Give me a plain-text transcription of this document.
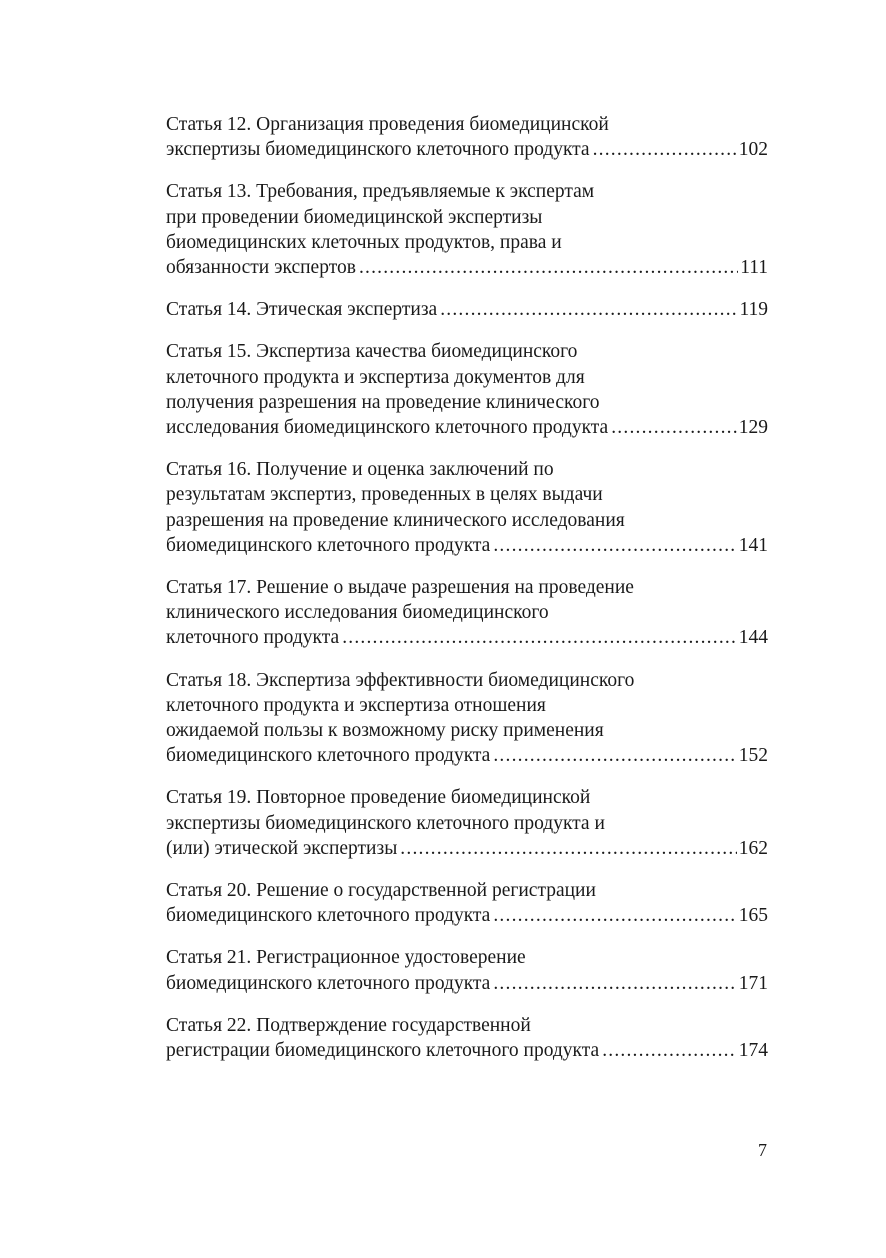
Статья 12. Организация проведения биомедицинской
экспертизы биомедицинского клеточного продукта .....	102
Статья 13. Требования, предъявляемые к экспертам
при проведении биомедицинской экспертизы
биомедицинских клеточных продуктов, права и
обязанности экспертов .....	111
Статья 14. Этическая экспертиза .....	119
Статья 15. Экспертиза качества биомедицинского
клеточного продукта и экспертиза документов для
получения разрешения на проведение клинического
исследования биомедицинского клеточного продукта .....	129
Статья 16. Получение и оценка заключений по
результатам экспертиз, проведенных в целях выдачи
разрешения на проведение клинического исследования
биомедицинского клеточного продукта .....	141
Статья 17. Решение о выдаче разрешения на проведение
клинического исследования биомедицинского
клеточного продукта .....	144
Статья 18. Экспертиза эффективности биомедицинского
клеточного продукта и экспертиза отношения
ожидаемой пользы к возможному риску применения
биомедицинского клеточного продукта .....	152
Статья 19. Повторное проведение биомедицинской
экспертизы биомедицинского клеточного продукта и
(или) этической экспертизы .....	162
Статья 20. Решение о государственной регистрации
биомедицинского клеточного продукта .....	165
Статья 21. Регистрационное удостоверение
биомедицинского клеточного продукта .....	171
Статья 22. Подтверждение государственной
регистрации биомедицинского клеточного продукта .....	174
7
